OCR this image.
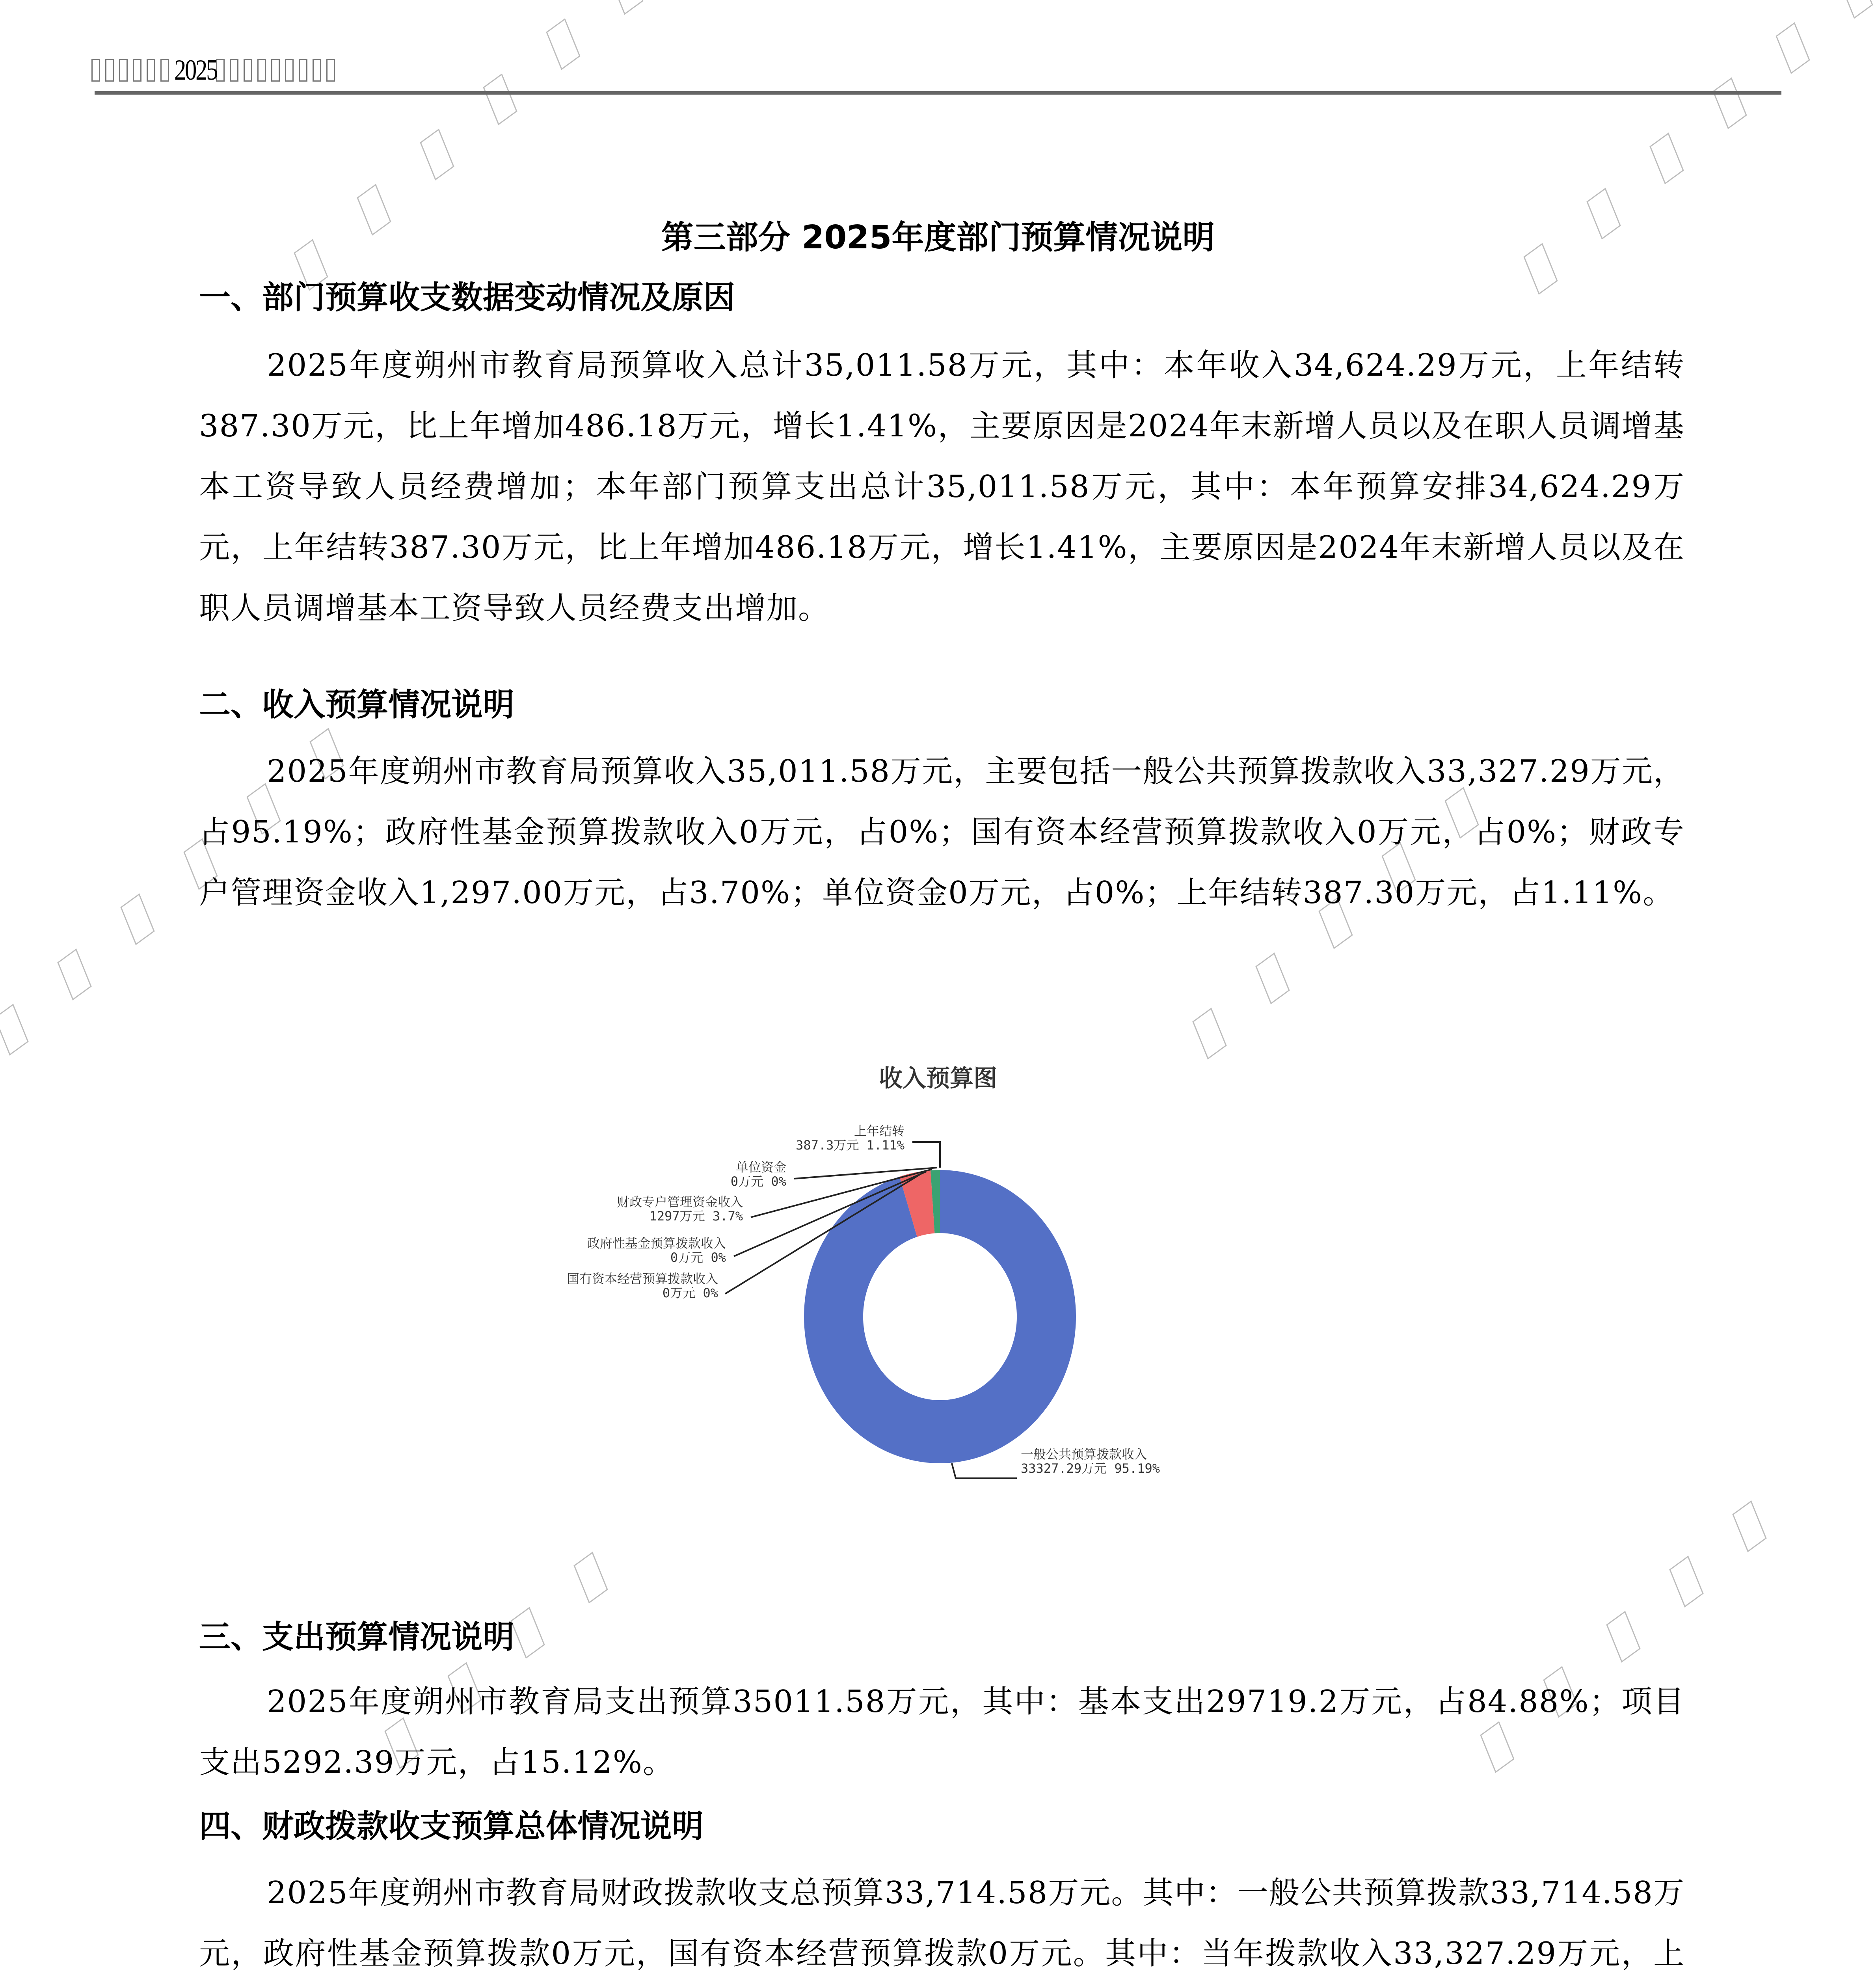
2025
第三部分 2025年度部门预算情况说明
一、部门预算收支数据变动情况及原因
2025年度朔州市教育局预算收入总计35,011.58万元，其中：本年收入34,624.29万元，上年结转387.30万元，比上年增加486.18万元，增长1.41%，主要原因是2024年末新增人员以及在职人员调增基本工资导致人员经费增加；本年部门预算支出总计35,011.58万元，其中：本年预算安排34,624.29万元，上年结转387.30万元，比上年增加486.18万元，增长1.41%，主要原因是2024年末新增人员以及在职人员调增基本工资导致人员经费支出增加。
二、收入预算情况说明
2025年度朔州市教育局预算收入35,011.58万元，主要包括一般公共预算拨款收入33,327.29万元，占95.19%；政府性基金预算拨款收入0万元，占0%；国有资本经营预算拨款收入0万元，占0%；财政专户管理资金收入1,297.00万元，占3.70%；单位资金0万元，占0%；上年结转387.30万元，占1.11%。
收入预算图
一般公共预算拨款收入
33327.29万元 95.19%
国有资本经营预算拨款收入
0万元 0%
政府性基金预算拨款收入
0万元 0%
财政专户管理资金收入
1297万元 3.7%
单位资金
0万元 0%
上年结转
387.3万元 1.11%
三、支出预算情况说明
2025年度朔州市教育局支出预算35011.58万元，其中：基本支出29719.2万元，占84.88%；项目支出5292.39万元，占15.12%。
四、财政拨款收支预算总体情况说明
2025年度朔州市教育局财政拨款收支总预算33,714.58万元。其中：一般公共预算拨款33,714.58万元，政府性基金预算拨款0万元，国有资本经营预算拨款0万元。其中：当年拨款收入33,327.29万元，上
